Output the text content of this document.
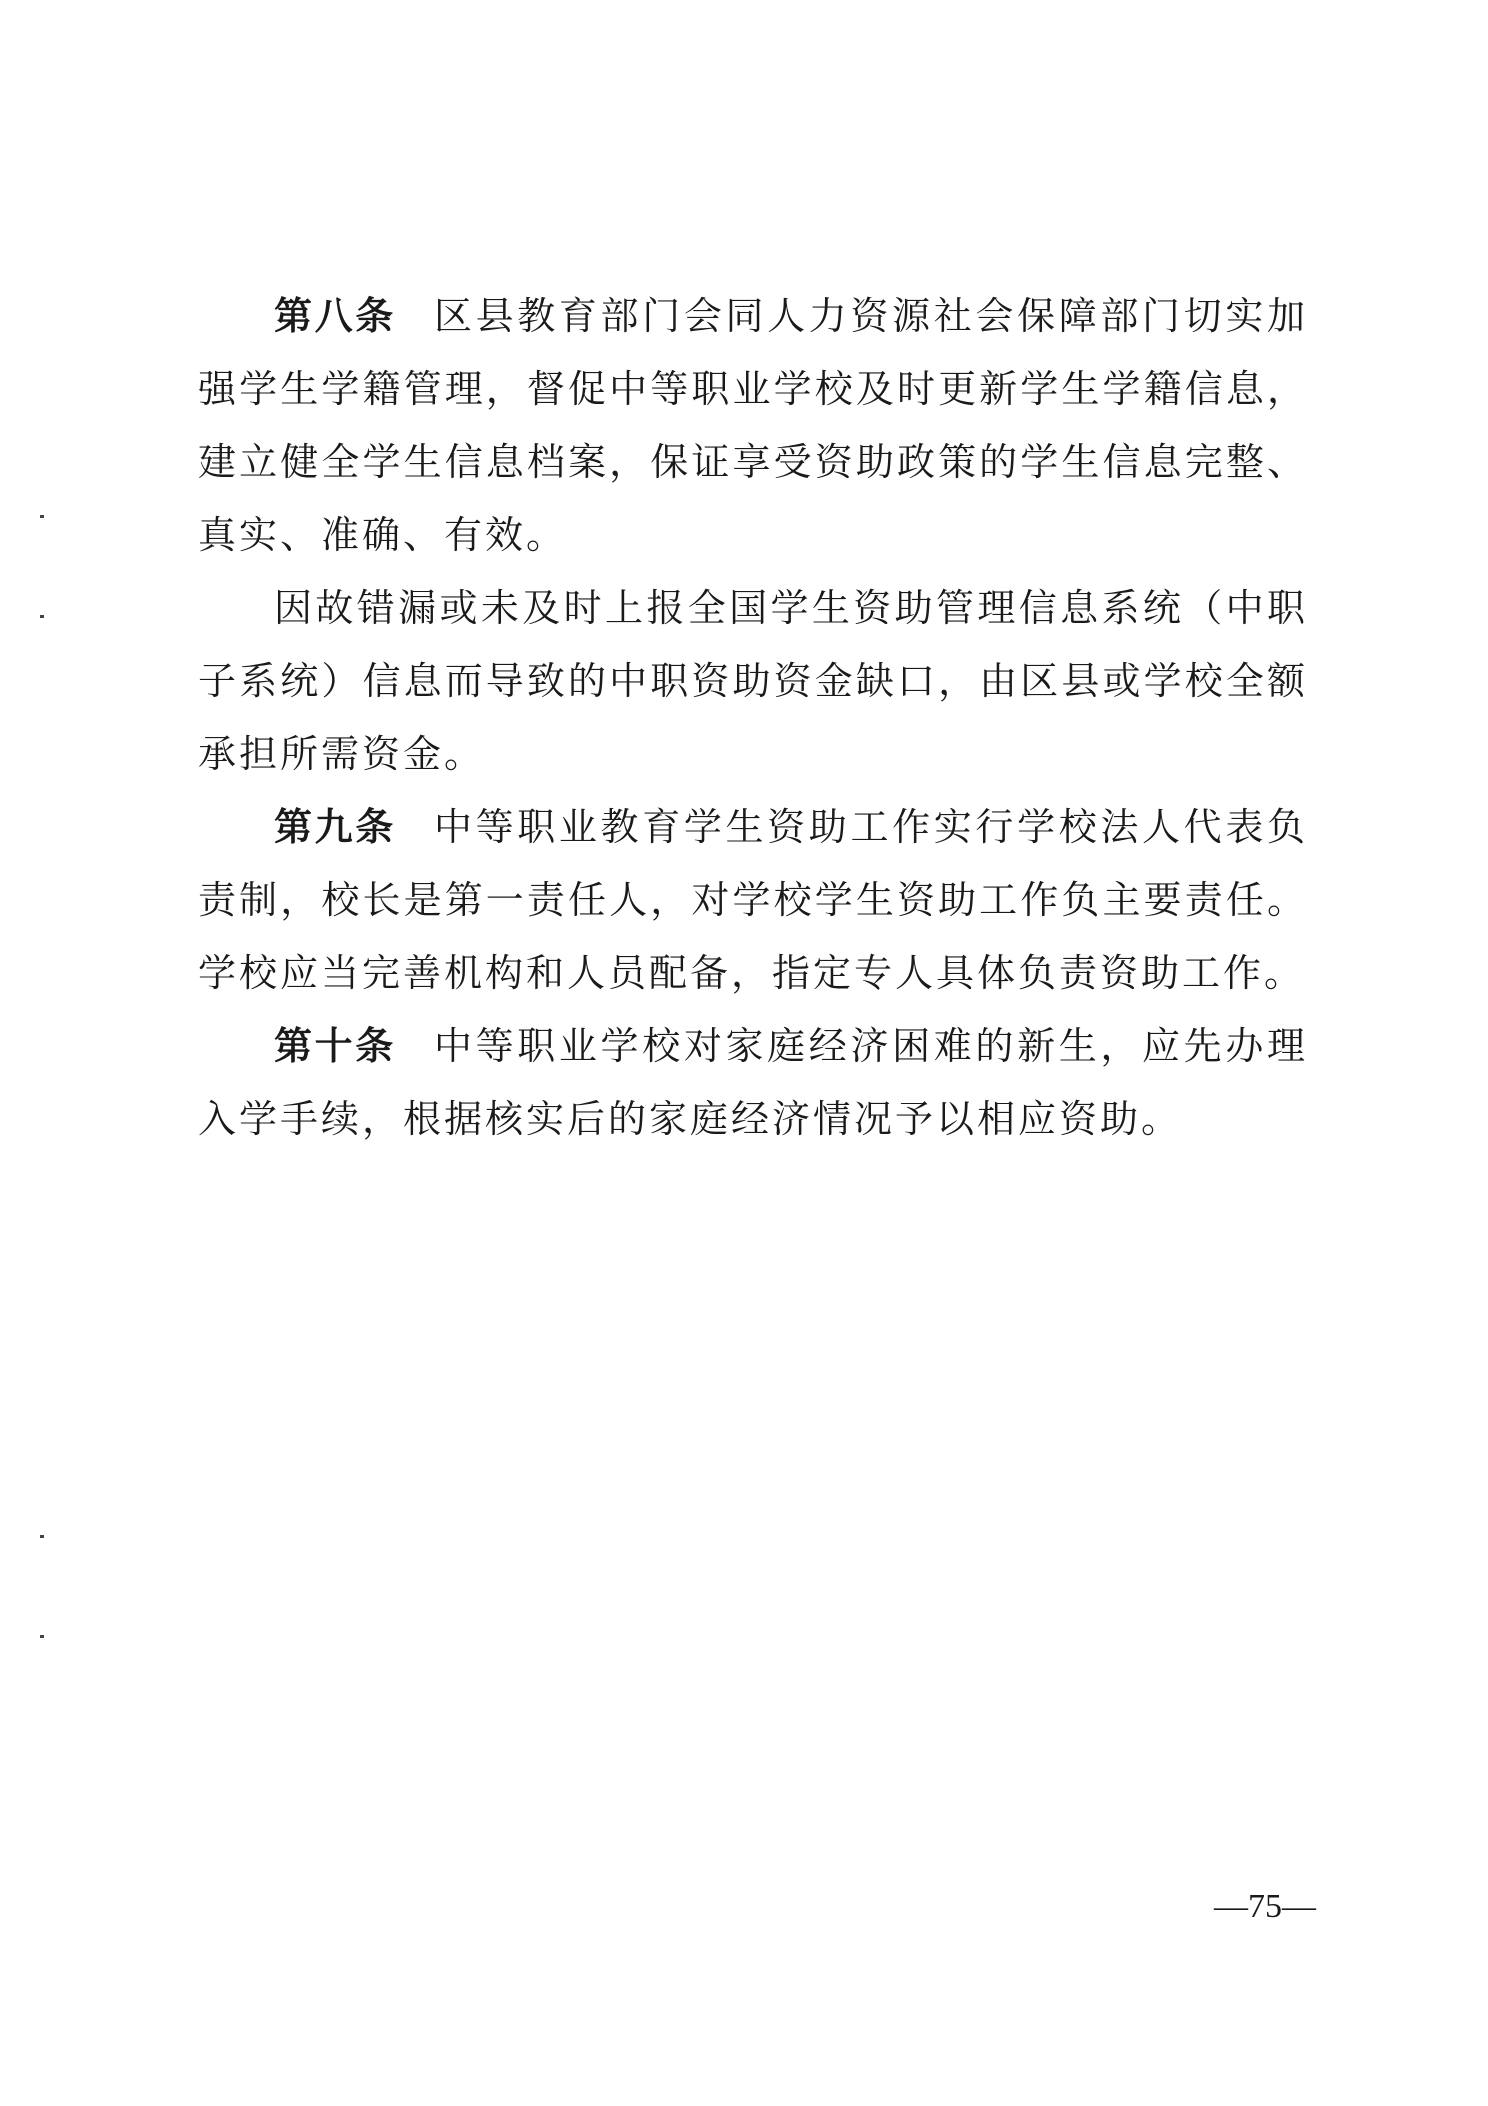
第八条 区县教育部门会同人力资源社会保障部门切实加强学生学籍管理，督促中等职业学校及时更新学生学籍信息，建立健全学生信息档案，保证享受资助政策的学生信息完整、真实、准确、有效。

因故错漏或未及时上报全国学生资助管理信息系统（中职子系统）信息而导致的中职资助资金缺口，由区县或学校全额承担所需资金。

第九条 中等职业教育学生资助工作实行学校法人代表负责制，校长是第一责任人，对学校学生资助工作负主要责任。学校应当完善机构和人员配备，指定专人具体负责资助工作。

第十条 中等职业学校对家庭经济困难的新生，应先办理入学手续，根据核实后的家庭经济情况予以相应资助。

—75—
